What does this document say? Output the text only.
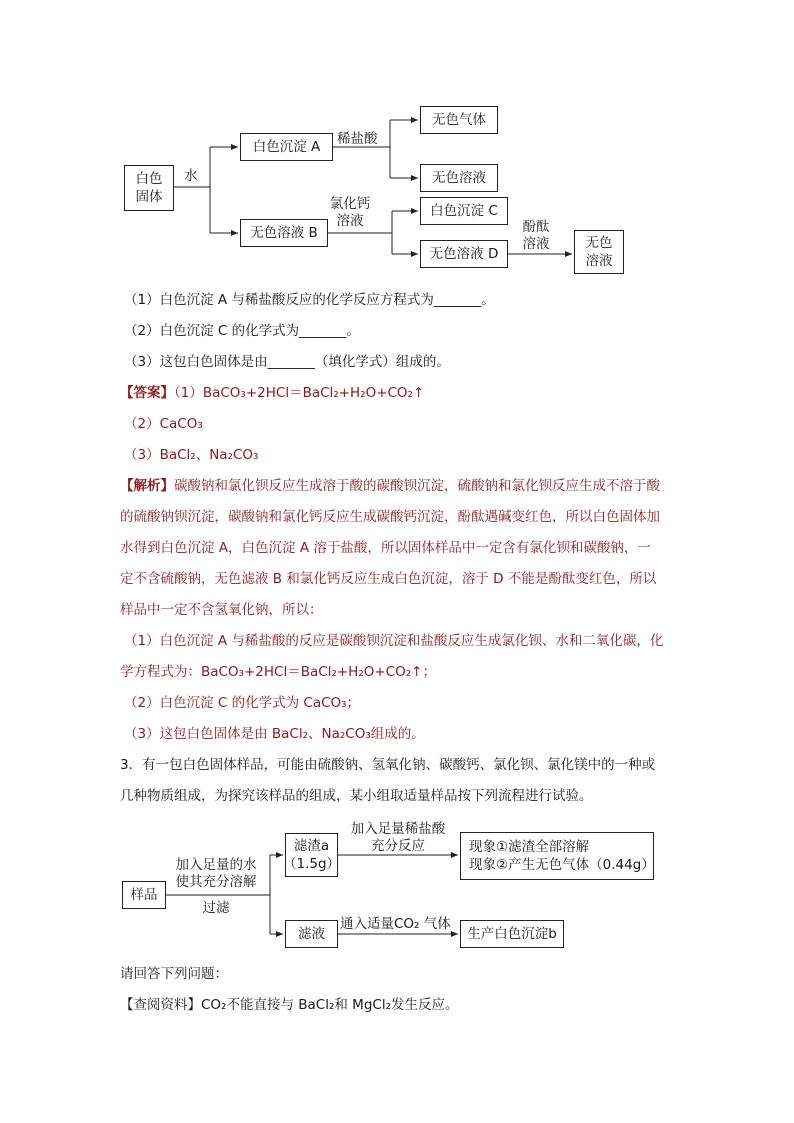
白色
固体
水
白色沉淀 A	稀盐酸
无色气体
无色溶液
无色溶液 B
氯化钙
溶液
白色沉淀 C
无色溶液 D
酚酞
溶液	无色
溶液
（1）白色沉淀 A 与稀盐酸反应的化学反应方程式为_______。
（2）白色沉淀 C 的化学式为_______。
（3）这包白色固体是由_______（填化学式）组成的。
【答案】（1）BaCO₃+2HCl＝BaCl₂+H₂O+CO₂↑
（2）CaCO₃
（3）BaCl₂、Na₂CO₃
【解析】碳酸钠和氯化钡反应生成溶于酸的碳酸钡沉淀，硫酸钠和氯化钡反应生成不溶于酸
的硫酸钠钡沉淀，碳酸钠和氯化钙反应生成碳酸钙沉淀，酚酞遇碱变红色，所以白色固体加
水得到白色沉淀 A，白色沉淀 A 溶于盐酸，所以固体样品中一定含有氯化钡和碳酸钠，一
定不含硫酸钠，无色滤液 B 和氯化钙反应生成白色沉淀，溶于 D 不能是酚酞变红色，所以
样品中一定不含氢氧化钠，所以：
（1）白色沉淀 A 与稀盐酸的反应是碳酸钡沉淀和盐酸反应生成氯化钡、水和二氧化碳，化
学方程式为：BaCO₃+2HCl＝BaCl₂+H₂O+CO₂↑；
（2）白色沉淀 C 的化学式为 CaCO₃；
（3）这包白色固体是由 BaCl₂、Na₂CO₃组成的。
3．有一包白色固体样品，可能由硫酸钠、氢氧化钠、碳酸钙、氯化钡、氯化镁中的一种或
几种物质组成，为探究该样品的组成，某小组取适量样品按下列流程进行试验。
样品
加入足量的水
使其充分溶解
过滤
滤渣a
（1.5g）
加入足量稀盐酸
充分反应	现象①滤渣全部溶解
现象②产生无色气体（0.44g）
滤液
通入适量CO₂ 气体
生产白色沉淀b
请回答下列问题：
【查阅资料】CO₂不能直接与 BaCl₂和 MgCl₂发生反应。
